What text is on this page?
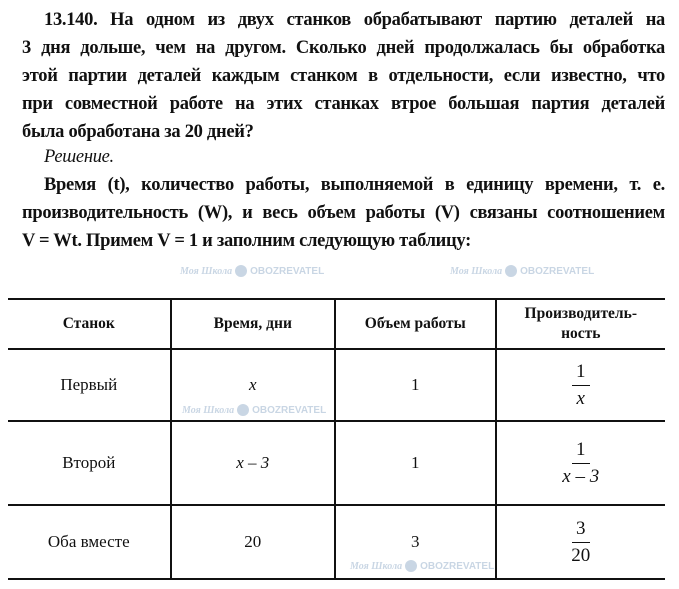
13.140. На одном из двух станков обрабатывают партию деталей на
3 дня дольше, чем на другом. Сколько дней продолжалась бы обработка
этой партии деталей каждым станком в отдельности, если известно, что
при совместной работе на этих станках втрое большая партия деталей
была обработана за 20 дней?
Решение.
Время (t), количество работы, выполняемой в единицу времени, т. е.
производительность (W), и весь объем работы (V) связаны соотношением
V = Wt. Примем V = 1 и заполним следующую таблицу:
Станок	Время, дни	Объем работы	Производитель-ность
Первый	x	1	$\frac{1}{x}$

Второй	x – 3	1	$\frac{1}{x - 3}$

Оба вместе	20	3	$\frac{3}{20}$
Моя Школа OBOZREVATEL	Моя Школа OBOZREVATEL
Моя Школа OBOZREVATEL
Моя Школа OBOZREVATEL
